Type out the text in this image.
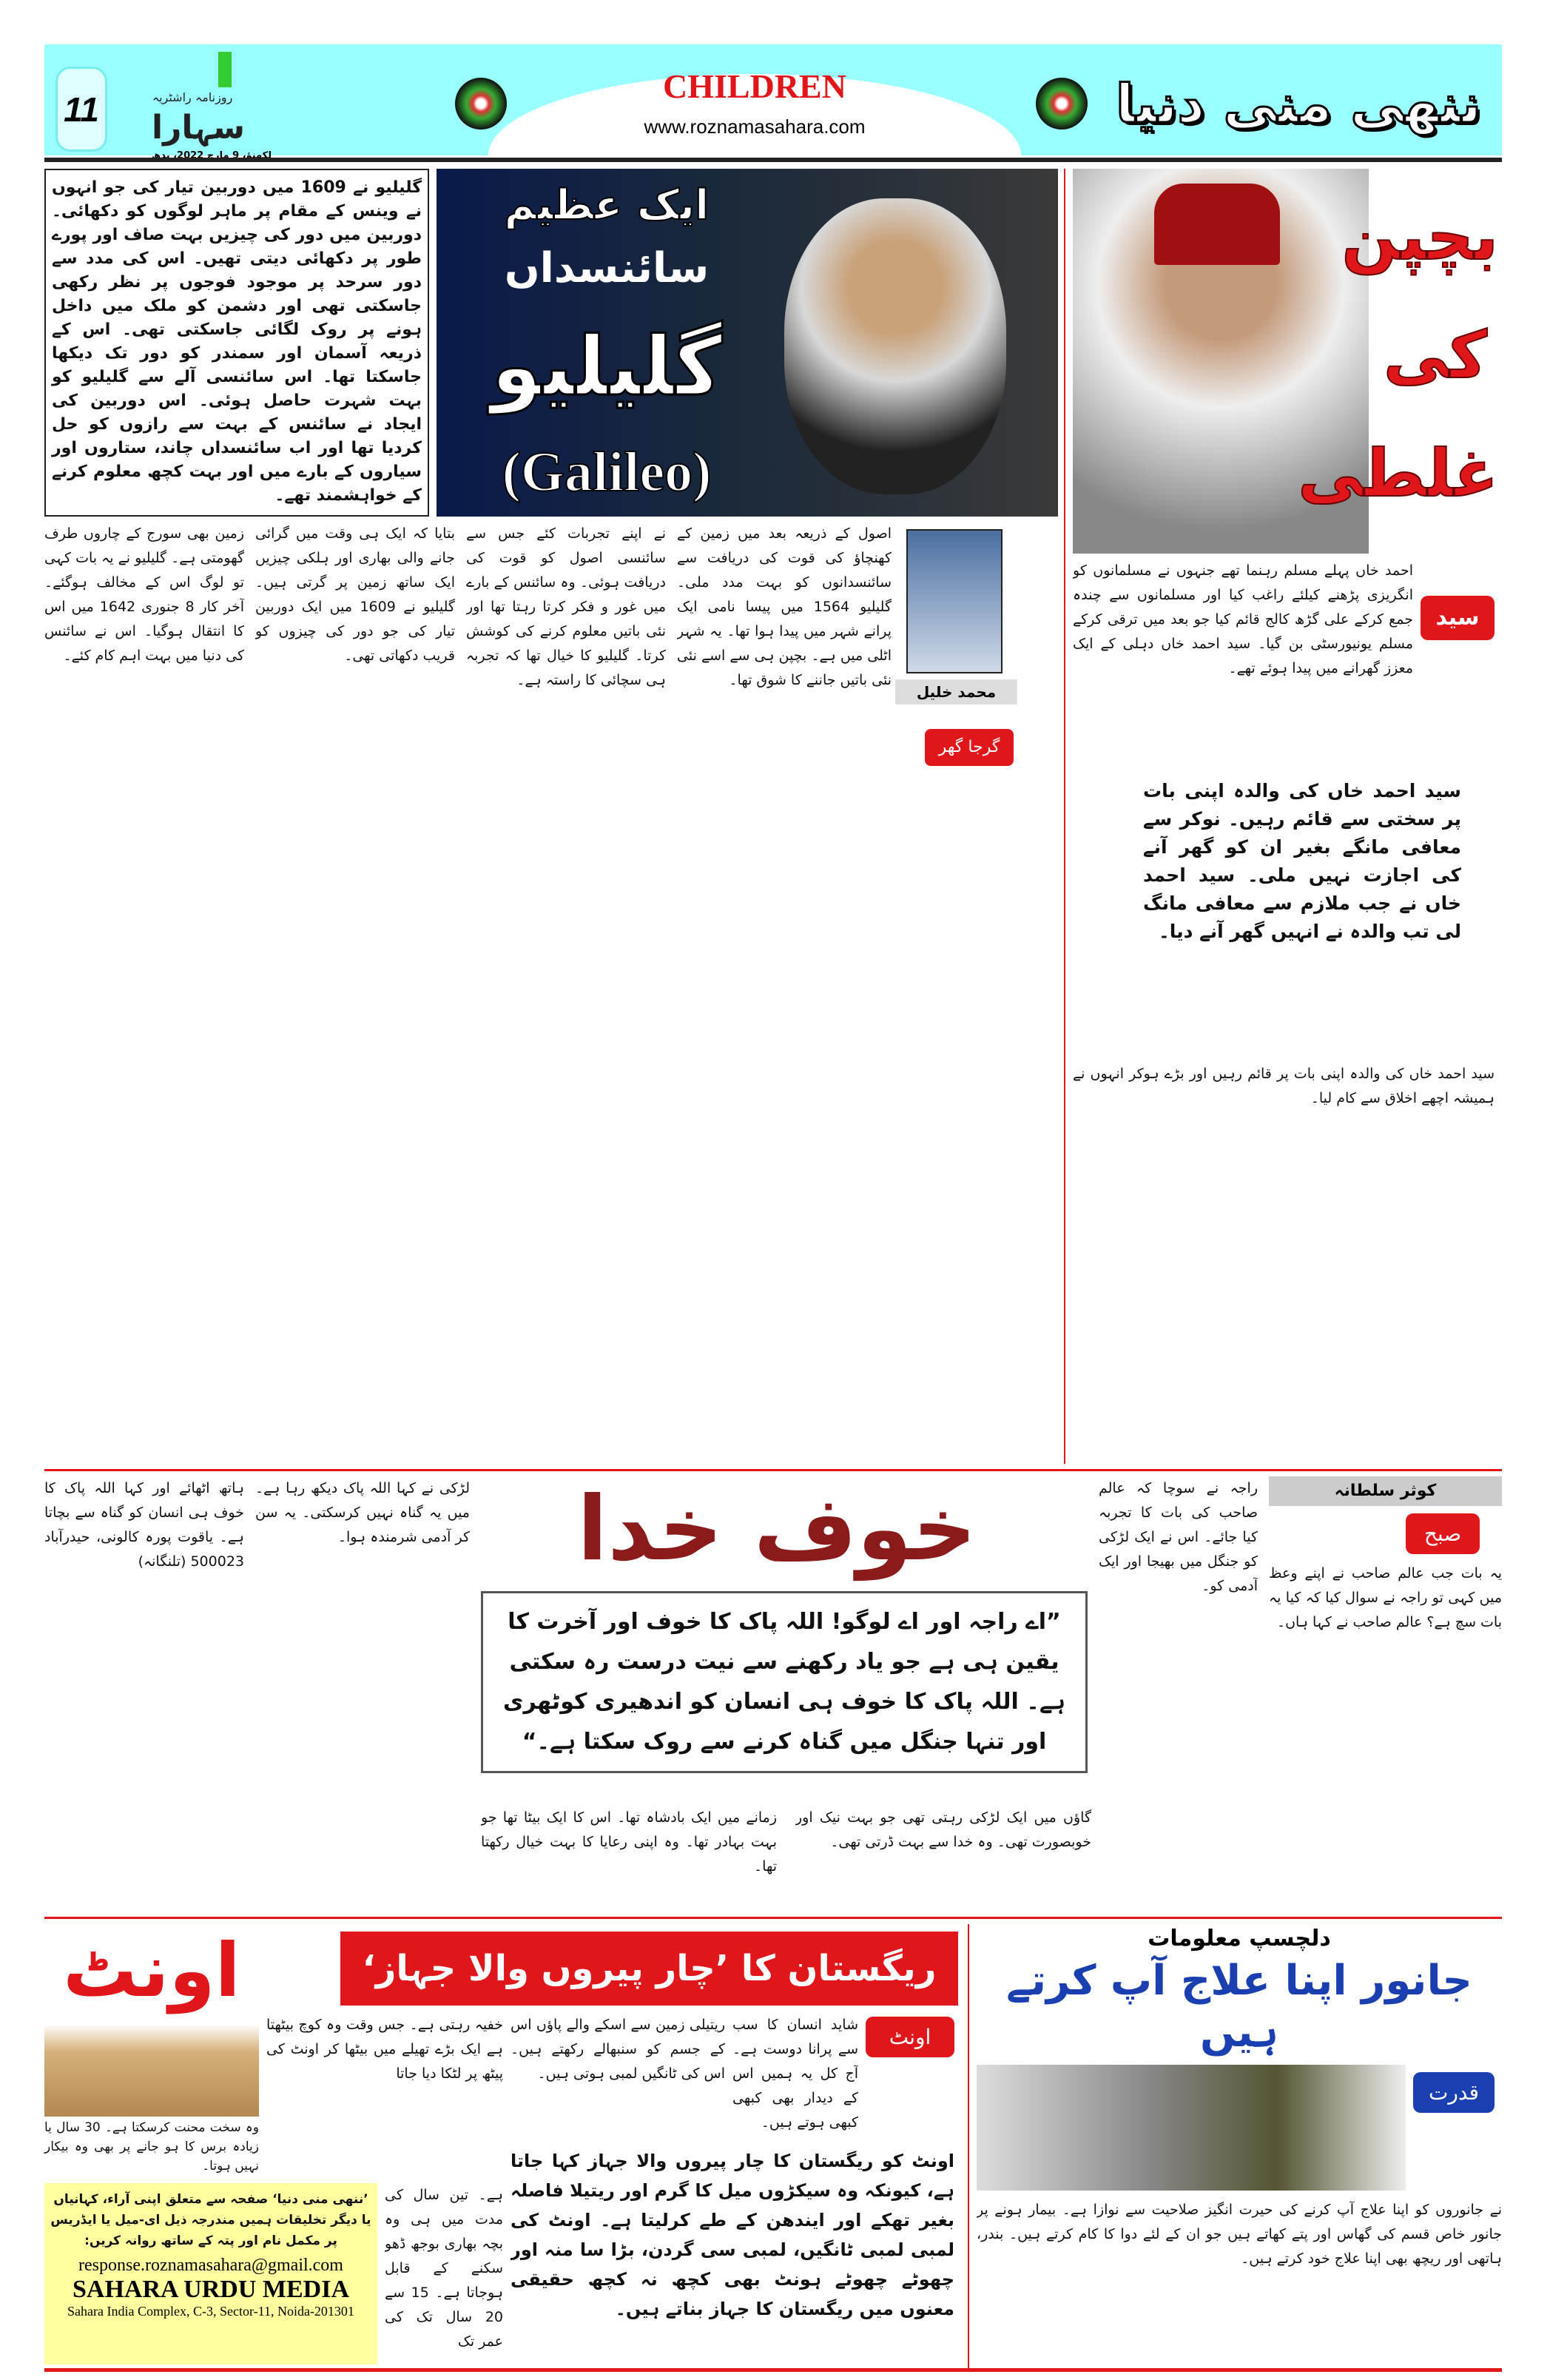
11	روزنامہ راشٹریہ
سہارا
لکھنؤ، 9 مارچ 2022، بدھ
CHILDREN
www.roznamasahara.com	ننھی منی دنیا
گلیلیو نے 1609 میں دوربین تیار کی جو انہوں نے وینس کے مقام پر ماہر لوگوں کو دکھائی۔ دوربین میں دور کی چیزیں بہت صاف اور پورے طور پر دکھائی دیتی تھیں۔ اس کی مدد سے دور سرحد پر موجود فوجوں پر نظر رکھی جاسکتی تھی اور دشمن کو ملک میں داخل ہونے پر روک لگائی جاسکتی تھی۔ اس کے ذریعہ آسمان اور سمندر کو دور تک دیکھا جاسکتا تھا۔ اس سائنسی آلے سے گلیلیو کو بہت شہرت حاصل ہوئی۔ اس دوربین کی ایجاد نے سائنس کے بہت سے رازوں کو حل کردیا تھا اور اب سائنسداں چاند، ستاروں اور سیاروں کے بارے میں اور بہت کچھ معلوم کرنے کے خواہشمند تھے۔
ایک عظیم
سائنسداں
گلیلیو
(Galileo)
محمد خلیل
گرجا گھر
زمین بھی سورج کے چاروں طرف گھومتی ہے۔ گلیلیو نے یہ بات کہی تو لوگ اس کے مخالف ہوگئے۔ آخر کار 8 جنوری 1642 میں اس کا انتقال ہوگیا۔ اس نے سائنس کی دنیا میں بہت اہم کام کئے۔
بتایا کہ ایک ہی وقت میں گرائی جانے والی بھاری اور ہلکی چیزیں ایک ساتھ زمین پر گرتی ہیں۔ گلیلیو نے 1609 میں ایک دوربین تیار کی جو دور کی چیزوں کو قریب دکھاتی تھی۔
نے اپنے تجربات کئے جس سے سائنسی اصول کو قوت کی دریافت ہوئی۔ وہ سائنس کے بارے میں غور و فکر کرتا رہتا تھا اور نئی باتیں معلوم کرنے کی کوشش کرتا۔ گلیلیو کا خیال تھا کہ تجربہ ہی سچائی کا راستہ ہے۔
اصول کے ذریعہ بعد میں زمین کے کھنچاؤ کی قوت کی دریافت سے سائنسدانوں کو بہت مدد ملی۔ گلیلیو 1564 میں پیسا نامی ایک پرانے شہر میں پیدا ہوا تھا۔ یہ شہر اٹلی میں ہے۔ بچپن ہی سے اسے نئی نئی باتیں جاننے کا شوق تھا۔
بچپن کی غلطی
سید
احمد خاں پہلے مسلم رہنما تھے جنہوں نے مسلمانوں کو انگریزی پڑھنے کیلئے راغب کیا اور مسلمانوں سے چندہ جمع کرکے علی گڑھ کالج قائم کیا جو بعد میں ترقی کرکے مسلم یونیورسٹی بن گیا۔ سید احمد خاں دہلی کے ایک معزز گھرانے میں پیدا ہوئے تھے۔
سید احمد خاں کی والدہ اپنی بات پر سختی سے قائم رہیں۔ نوکر سے معافی مانگے بغیر ان کو گھر آنے کی اجازت نہیں ملی۔ سید احمد خاں نے جب ملازم سے معافی مانگ لی تب والدہ نے انہیں گھر آنے دیا۔
سید احمد خاں کی والدہ اپنی بات پر قائم رہیں اور بڑے ہوکر انہوں نے ہمیشہ اچھے اخلاق سے کام لیا۔
کوثر سلطانہ
صبح
خوف خدا
”اے راجہ اور اے لوگو! اللہ پاک کا خوف اور آخرت کا یقین ہی ہے جو یاد رکھنے سے نیت درست رہ سکتی ہے۔ اللہ پاک کا خوف ہی انسان کو اندھیری کوٹھری اور تنہا جنگل میں گناہ کرنے سے روک سکتا ہے۔“
یہ بات جب عالم صاحب نے اپنے وعظ میں کہی تو راجہ نے سوال کیا کہ کیا یہ بات سچ ہے؟ عالم صاحب نے کہا ہاں۔
راجہ نے سوچا کہ عالم صاحب کی بات کا تجربہ کیا جائے۔ اس نے ایک لڑکی کو جنگل میں بھیجا اور ایک آدمی کو۔
گاؤں میں ایک لڑکی رہتی تھی جو بہت نیک اور خوبصورت تھی۔ وہ خدا سے بہت ڈرتی تھی۔
زمانے میں ایک بادشاہ تھا۔ اس کا ایک بیٹا تھا جو بہت بہادر تھا۔ وہ اپنی رعایا کا بہت خیال رکھتا تھا۔
لڑکی نے کہا اللہ پاک دیکھ رہا ہے۔ میں یہ گناہ نہیں کرسکتی۔ یہ سن کر آدمی شرمندہ ہوا۔
ہاتھ اٹھائے اور کہا اللہ پاک کا خوف ہی انسان کو گناہ سے بچاتا ہے۔ یاقوت پورہ کالونی، حیدرآباد 500023 (تلنگانہ)
دلچسپ معلومات
جانور اپنا علاج آپ کرتے ہیں
قدرت
نے جانوروں کو اپنا علاج آپ کرنے کی حیرت انگیز صلاحیت سے نوازا ہے۔ بیمار ہونے پر جانور خاص قسم کی گھاس اور پتے کھاتے ہیں جو ان کے لئے دوا کا کام کرتے ہیں۔ بندر، ہاتھی اور ریچھ بھی اپنا علاج خود کرتے ہیں۔
اونٹ	ریگستان کا ’چار پیروں والا جہاز‘
وہ سخت محنت کرسکتا ہے۔ 30 سال یا زیادہ برس کا ہو جانے پر بھی وہ بیکار نہیں ہوتا۔
اونٹ
اونٹ کو ریگستان کا چار پیروں والا جہاز کہا جاتا ہے، کیونکہ وہ سیکڑوں میل کا گرم اور ریتیلا فاصلہ بغیر تھکے اور ایندھن کے طے کرلیتا ہے۔ اونٹ کی لمبی لمبی ٹانگیں، لمبی سی گردن، بڑا سا منہ اور چھوٹے چھوٹے ہونٹ بھی کچھ نہ کچھ حقیقی معنوں میں ریگستان کا جہاز بناتے ہیں۔
شاید انسان کا سب سے پرانا دوست ہے۔ آج کل یہ ہمیں اس کے دیدار بھی کبھی کبھی ہوتے ہیں۔
ریتیلی زمین سے اسکے والے پاؤں اس کے جسم کو سنبھالے رکھتے ہیں۔ اس کی ٹانگیں لمبی ہوتی ہیں۔
خفیہ رہتی ہے۔ جس وقت وہ کوچ بیٹھتا ہے ایک بڑے تھیلے میں بیٹھا کر اونٹ کی پیٹھ پر لٹکا دیا جاتا
ہے۔ تین سال کی مدت میں ہی وہ بچہ بھاری بوجھ ڈھو سکنے کے قابل ہوجاتا ہے۔ 15 سے 20 سال تک کی عمر تک
’ننھی منی دنیا‘ صفحہ سے متعلق اپنی آراء، کہانیاں یا دیگر تخلیقات ہمیں مندرجہ ذیل ای-میل یا ایڈریس پر مکمل نام اور پتہ کے ساتھ روانہ کریں:
response.roznamasahara@gmail.com
SAHARA URDU MEDIA
Sahara India Complex, C-3, Sector-11, Noida-201301
